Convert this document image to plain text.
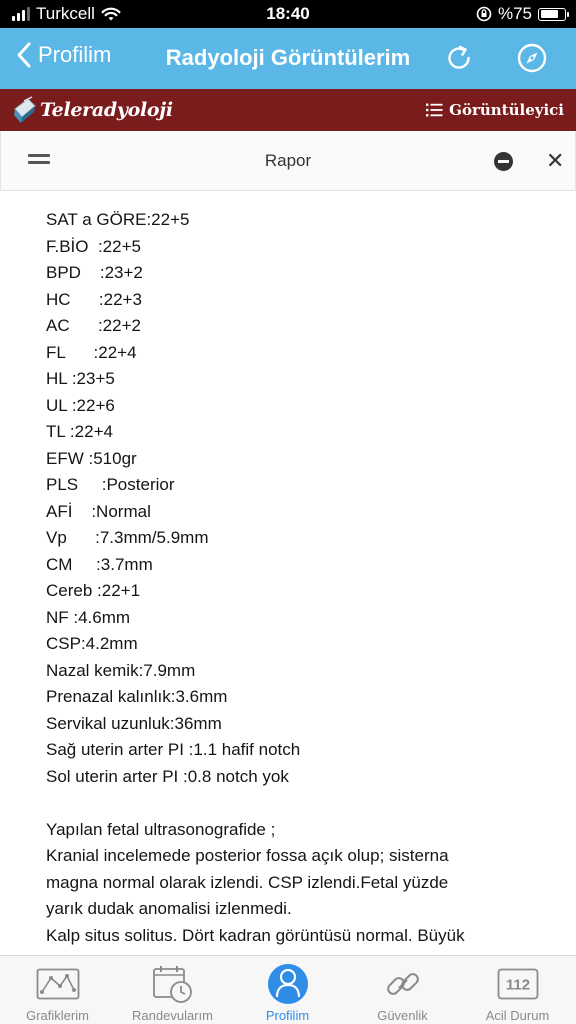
Turkcell	18:40	%75
Profilim	Radyoloji Görüntülerim
Teleradyoloji	Görüntüleyici
Rapor	✕
SAT a GÖRE:22+5
F.BİO  :22+5
BPD    :23+2
HC      :22+3
AC      :22+2
FL      :22+4
HL :23+5
UL :22+6
TL :22+4
EFW :510gr
PLS     :Posterior
AFİ    :Normal
Vp      :7.3mm/5.9mm
CM     :3.7mm
Cereb :22+1
NF :4.6mm
CSP:4.2mm
Nazal kemik:7.9mm
Prenazal kalınlık:3.6mm
Servikal uzunluk:36mm
Sağ uterin arter PI :1.1 hafif notch
Sol uterin arter PI :0.8 notch yok
Yapılan fetal ultrasonografide ;
Kranial incelemede posterior fossa açık olup; sisterna
magna normal olarak izlendi. CSP izlendi.Fetal yüzde
yarık dudak anomalisi izlenmedi.
Kalp situs solitus. Dört kadran görüntüsü normal. Büyük
Grafiklerim	Randevularım	Profilim	Güvenlik
112
Acil Durum
